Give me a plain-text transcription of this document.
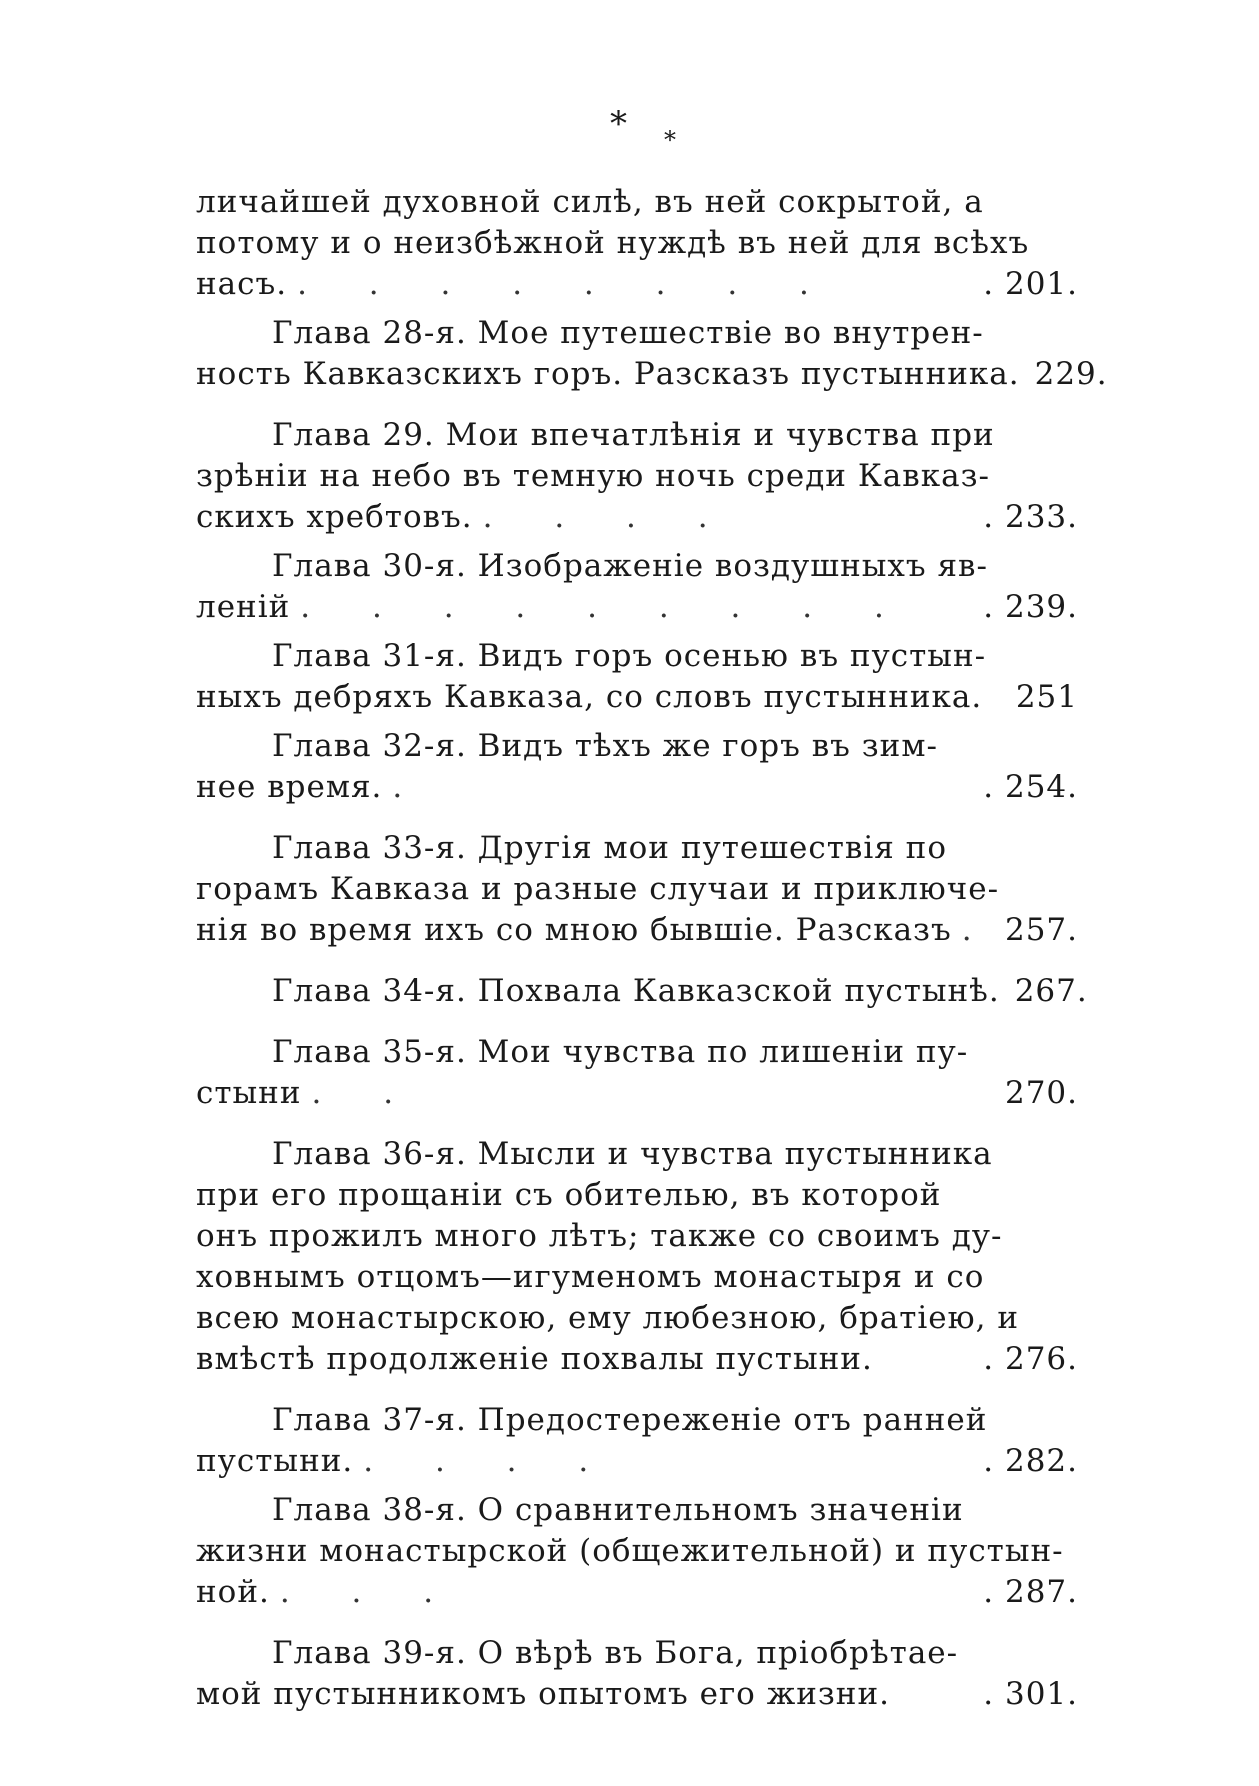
* *
личайшей духовной силѣ, въ ней сокрытой, а
потому и о неизбѣжной нуждѣ въ ней для всѣхъ
насъ. . . . . . . . .	. 201.
Глава 28-я. Мое путешествіе во внутрен-
ность Кавказскихъ горъ. Разсказъ пустынника. 229.
Глава 29. Мои впечатлѣнія и чувства при
зрѣніи на небо въ темную ночь среди Кавказ-
скихъ хребтовъ. . . . .	. 233.
Глава 30-я. Изображеніе воздушныхъ яв-
леній . . . . . . . . .	. 239.
Глава 31-я. Видъ горъ осенью въ пустын-
ныхъ дебряхъ Кавказа, со словъ пустынника.	251
Глава 32-я. Видъ тѣхъ же горъ въ зим-
нее время. .	. 254.
Глава 33-я. Другія мои путешествія по
горамъ Кавказа и разные случаи и приключе-
нія во время ихъ со мною бывшіе. Разсказъ . 257.
Глава 34-я. Похвала Кавказской пустынѣ. 267.
Глава 35-я. Мои чувства по лишеніи пу-
стыни . .	270.
Глава 36-я. Мысли и чувства пустынника
при его прощаніи съ обителью, въ которой
онъ прожилъ много лѣтъ; также со своимъ ду-
ховнымъ отцомъ—игуменомъ монастыря и со
всею монастырскою, ему любезною, братіею, и
вмѣстѣ продолженіе похвалы пустыни.	. 276.
Глава 37-я. Предостереженіе отъ ранней
пустыни. . . . .	. 282.
Глава 38-я. О сравнительномъ значеніи
жизни монастырской (общежительной) и пустын-
ной. . . .	. 287.
Глава 39-я. О вѣрѣ въ Бога, пріобрѣтае-
мой пустынникомъ опытомъ его жизни.	. 301.
